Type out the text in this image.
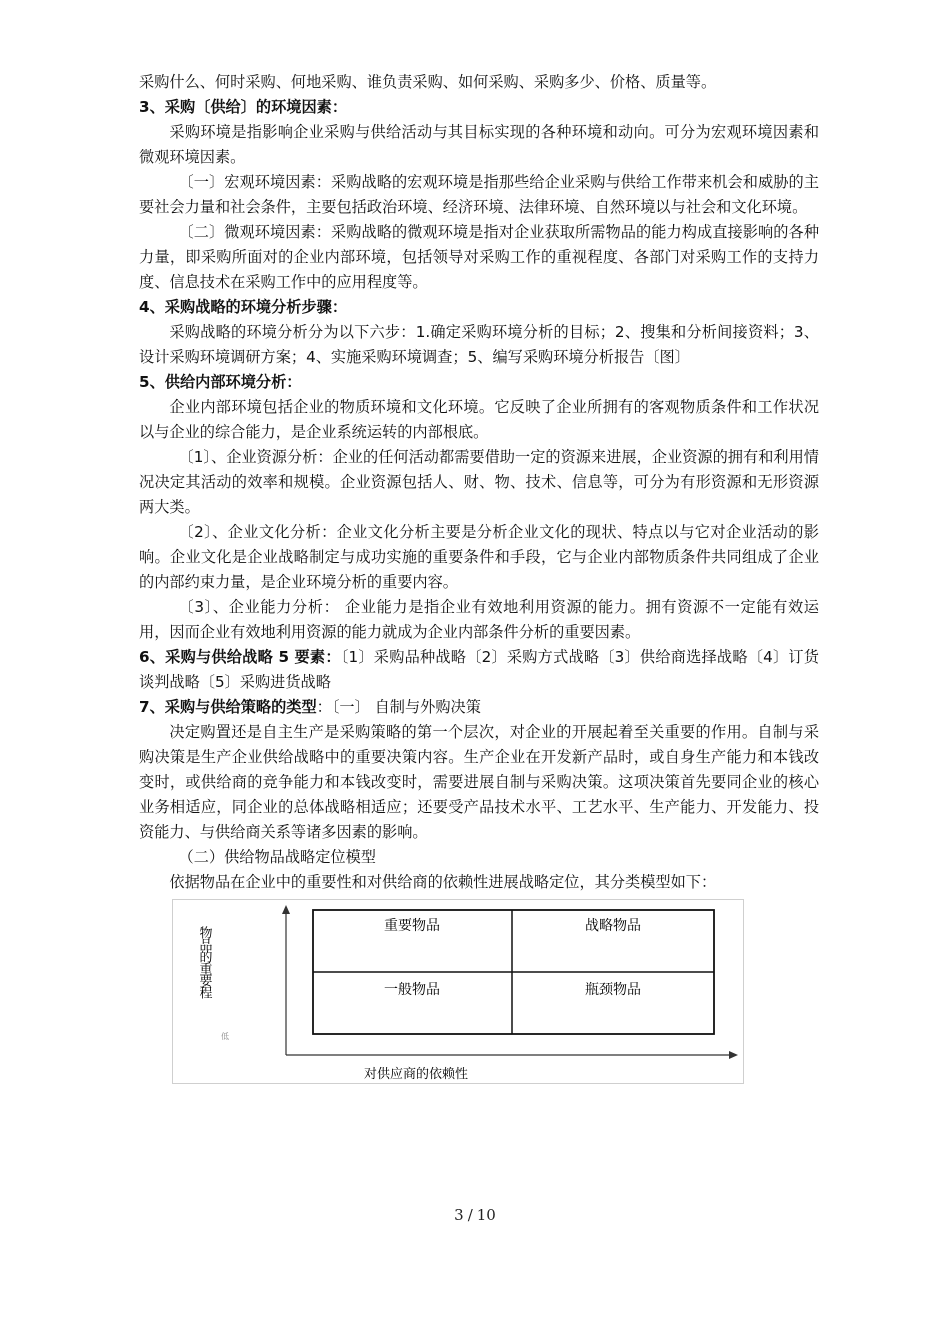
采购什么、何时采购、何地采购、谁负责采购、如何采购、采购多少、价格、质量等。

3、采购〔供给〕的环境因素：

采购环境是指影响企业采购与供给活动与其目标实现的各种环境和动向。可分为宏观环境因素和微观环境因素。

〔一〕宏观环境因素：采购战略的宏观环境是指那些给企业采购与供给工作带来机会和威胁的主要社会力量和社会条件，主要包括政治环境、经济环境、法律环境、自然环境以与社会和文化环境。

〔二〕微观环境因素：采购战略的微观环境是指对企业获取所需物品的能力构成直接影响的各种力量，即采购所面对的企业内部环境，包括领导对采购工作的重视程度、各部门对采购工作的支持力度、信息技术在采购工作中的应用程度等。

4、采购战略的环境分析步骤：

采购战略的环境分析分为以下六步：1.确定采购环境分析的目标；2、搜集和分析间接资料；3、设计采购环境调研方案；4、实施采购环境调查；5、编写采购环境分析报告〔图〕

5、供给内部环境分析：

企业内部环境包括企业的物质环境和文化环境。它反映了企业所拥有的客观物质条件和工作状况以与企业的综合能力，是企业系统运转的内部根底。

〔1〕、企业资源分析：企业的任何活动都需要借助一定的资源来进展，企业资源的拥有和利用情况决定其活动的效率和规模。企业资源包括人、财、物、技术、信息等，可分为有形资源和无形资源两大类。

〔2〕、企业文化分析：企业文化分析主要是分析企业文化的现状、特点以与它对企业活动的影响。企业文化是企业战略制定与成功实施的重要条件和手段，它与企业内部物质条件共同组成了企业的内部约束力量，是企业环境分析的重要内容。

〔3〕、企业能力分析： 企业能力是指企业有效地利用资源的能力。拥有资源不一定能有效运用，因而企业有效地利用资源的能力就成为企业内部条件分析的重要因素。

6、采购与供给战略 5 要素：〔1〕采购品种战略〔2〕采购方式战略〔3〕供给商选择战略〔4〕订货谈判战略〔5〕采购进货战略

7、采购与供给策略的类型：〔一〕 自制与外购决策

决定购置还是自主生产是采购策略的第一个层次，对企业的开展起着至关重要的作用。自制与采购决策是生产企业供给战略中的重要决策内容。生产企业在开发新产品时，或自身生产能力和本钱改变时，或供给商的竞争能力和本钱改变时，需要进展自制与采购决策。这项决策首先要同企业的核心业务相适应，同企业的总体战略相适应；还要受产品技术水平、工艺水平、生产能力、开发能力、投资能力、与供给商关系等诸多因素的影响。

（二）供给物品战略定位模型

依据物品在企业中的重要性和对供给商的依赖性进展战略定位，其分类模型如下：

重要物品	战略物品
一般物品	瓶颈物品
物品的重要程
低
对供应商的依赖性
3 / 10
